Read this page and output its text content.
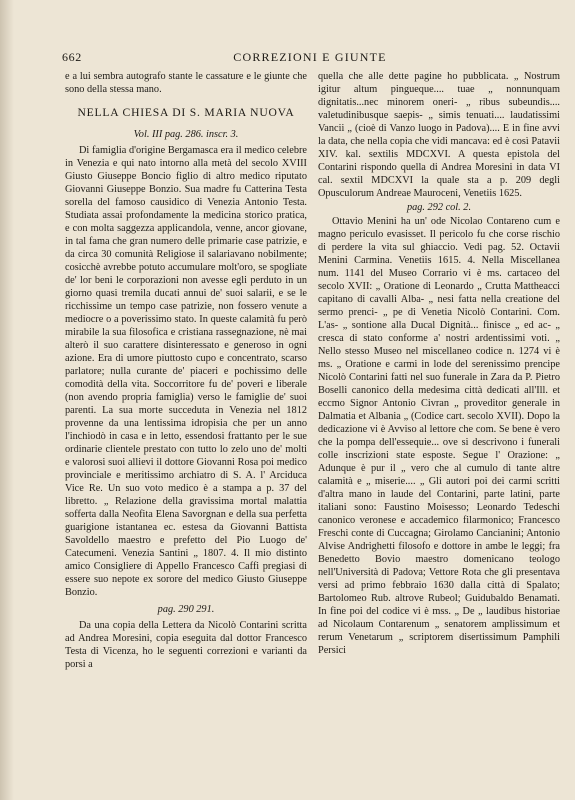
662	CORREZIONI E GIUNTE

e a lui sembra autografo stante le cassature e le giunte che sono della stessa mano.

NELLA CHIESA DI S. MARIA NUOVA
Vol. III pag. 286. inscr. 3.

Di famiglia d'origine Bergamasca era il medico celebre in Venezia e qui nato intorno alla metà del secolo XVIII Giusto Giuseppe Boncio figlio di altro medico riputato Giovanni Giuseppe Bonzio. Sua madre fu Catterina Testa sorella del famoso causidico di Venezia Antonio Testa. Studiata assai profondamente la medicina storico pratica, e con molta saggezza applicandola, venne, ancor giovane, in tal fama che gran numero delle primarie case patrizie, e da circa 30 comunità Religiose il salariavano nobilmente; cosicchè avrebbe potuto accumulare molt'oro, se spogliate de' lor beni le corporazioni non avesse egli perduto in un giorno quasi tremila ducati annui de' suoi salarii, e se le ricchissime un tempo case patrizie, non fossero venute a mediocre o a poverissimo stato. In queste calamità fu però mirabile la sua filosofica e cristiana rassegnazione, nè mai alterò il suo carattere disinteressato e generoso in ogni azione. Era di umore piuttosto cupo e concentrato, scarso parlatore; nulla curante de' piaceri e pochissimo delle comodità della vita. Soccorritore fu de' poveri e liberale (non avendo propria famiglia) verso le famiglie de' suoi parenti. La sua morte succeduta in Venezia nel 1812 provenne da una lentissima idropisia che per un anno l'inchiodò in casa e in letto, essendosi frattanto per le sue ordinarie clientele prestato con tutto lo zelo uno de' molti e valorosi suoi allievi il dottore Giovanni Rosa poi medico provinciale e meritissimo archiatro di S. A. l' Arciduca Vice Re. Un suo voto medico è a stampa a p. 37 del libretto. „ Relazione della gravissima mortal malattia sofferta dalla Neofita Elena Savorgnan e della sua perfetta guarigione istantanea ec. estesa da Giovanni Battista Savoldello maestro e prefetto del Pio Luogo de' Catecumeni. Venezia Santini „ 1807. 4. Il mio distinto amico Consigliere di Appello Francesco Caffi pregiasi di essere suo nepote ex sorore del medico Giusto Giuseppe Bonzio.

pag. 290 291.

Da una copia della Lettera da Nicolò Contarini scritta ad Andrea Moresini, copia eseguita dal dottor Francesco Testa di Vicenza, ho le seguenti correzioni e varianti da porsi a

quella che alle dette pagine ho pubblicata. „ Nostrum igitur altum pingueque.... tuae „ nonnunquam dignitatis...nec minorem oneri- „ ribus subeundis.... valetudinibusque saepis- „ simis tenuati.... laudatissimi Vancii „ (cioè di Vanzo luogo in Padova).... E in fine avvi la data, che nella copia che vidi mancava: ed è così Patavii XIV. kal. sextilis MDCXVI. A questa epistola del Contarini rispondo quella di Andrea Moresini in data VI cal. sextil MDCXVI la quale sta a p. 209 degli Opusculorum Andreae Mauroceni, Venetiis 1625.

pag. 292 col. 2.

Ottavio Menini ha un' ode Nicolao Contareno cum e magno periculo evasisset. Il pericolo fu che corse rischio di perdere la vita sul ghiaccio. Vedi pag. 52. Octavii Menini Carmina. Venetiis 1615. 4. Nella Miscellanea num. 1141 del Museo Corrario vi è ms. cartaceo del secolo XVII: „ Oratione di Leonardo „ Crutta Mattheacci capitano di cavalli Alba- „ nesi fatta nella creatione del sermo prenci- „ pe di Venetia Nicolò Contarini. Com. L'as- „ sontione alla Ducal Dignità... finisce „ ed ac- „ cresca di stato conforme a' nostri ardentissimi voti. „ Nello stesso Museo nel miscellaneo codice n. 1274 vi è ms. „ Oratione e carmi in lode del serenissimo prencipe Nicolò Contarini fatti nel suo funerale in Zara da P. Pietro Boselli canonico della medesima città dedicati all'Ill. et eccmo Signor Antonio Civran „ proveditor generale in Dalmatia et Albania „ (Codice cart. secolo XVII). Dopo la dedicazione vi è Avviso al lettore che com. Se bene è vero che la pompa dell'essequie... ove si descrivono i funerali colle inscrizioni state esposte. Segue l' Orazione: „ Adunque è pur il „ vero che al cumulo di tante altre calamità e „ miserie.... „ Gli autori poi dei carmi scritti d'altra mano in laude del Contarini, parte latini, parte italiani sono: Faustino Moisesso; Leonardo Tedeschi canonico veronese e accademico filarmonico; Francesco Freschi conte di Cuccagna; Girolamo Cancianini; Antonio Alvise Andrighetti filosofo e dottore in ambe le leggi; fra Benedetto Bovio maestro domenicano teologo nell'Università di Padova; Vettore Rota che gli presentava versi ad primo febbraio 1630 dalla città di Spalato; Bartolomeo Rub. altrove Rubeol; Guidubaldo Benamati. In fine poi del codice vi è mss. „ De „ laudibus historiae ad Nicolaum Contarenum „ senatorem amplissimum et rerum Venetarum „ scriptorem disertissimum Pamphili Persici
